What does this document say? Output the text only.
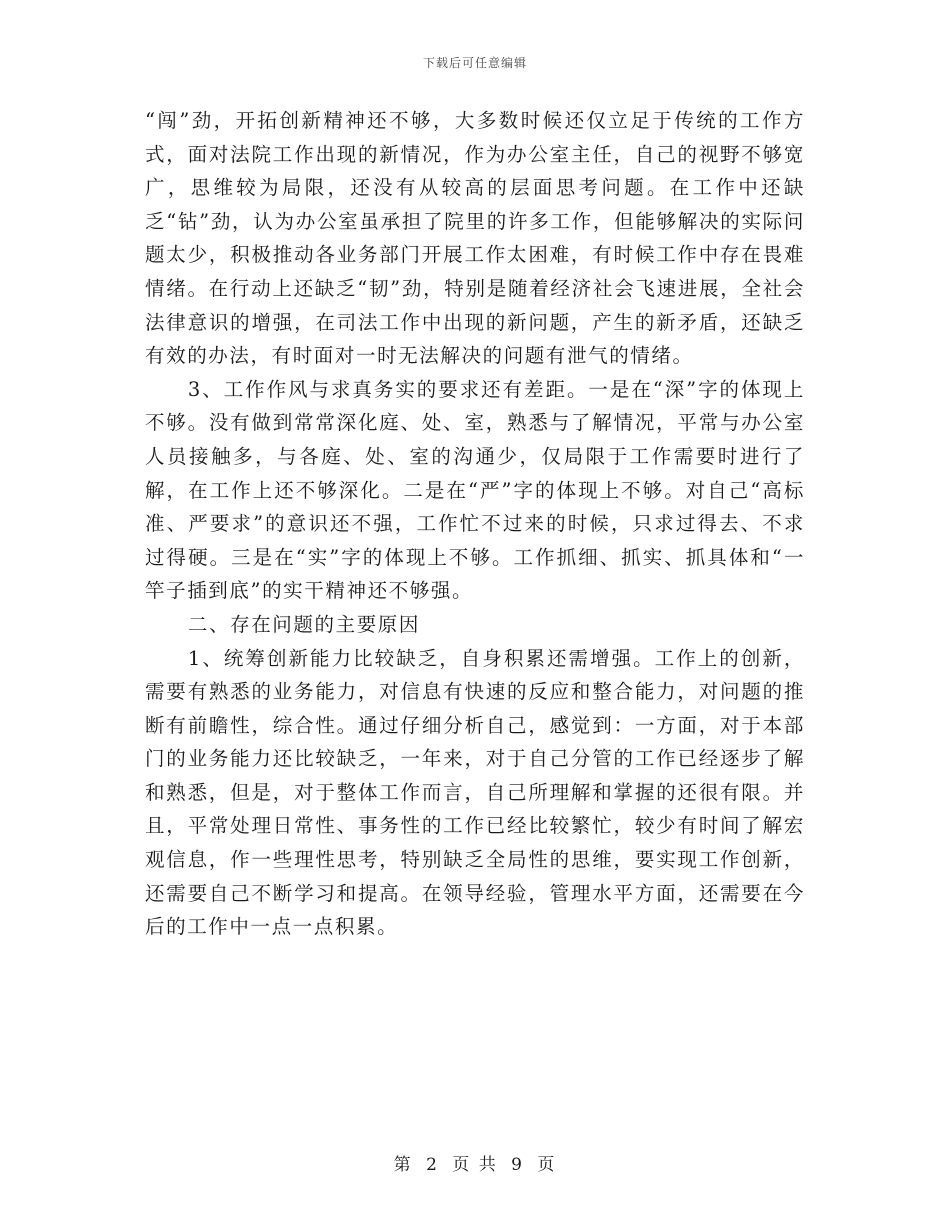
下载后可任意编辑

“闯”劲，开拓创新精神还不够，大多数时候还仅立足于传统的工作方式，面对法院工作出现的新情况，作为办公室主任，自己的视野不够宽广，思维较为局限，还没有从较高的层面思考问题。在工作中还缺乏“钻”劲，认为办公室虽承担了院里的许多工作，但能够解决的实际问题太少，积极推动各业务部门开展工作太困难，有时候工作中存在畏难情绪。在行动上还缺乏“韧”劲，特别是随着经济社会飞速进展，全社会法律意识的增强，在司法工作中出现的新问题，产生的新矛盾，还缺乏有效的办法，有时面对一时无法解决的问题有泄气的情绪。

3、工作作风与求真务实的要求还有差距。一是在“深”字的体现上不够。没有做到常常深化庭、处、室，熟悉与了解情况，平常与办公室人员接触多，与各庭、处、室的沟通少，仅局限于工作需要时进行了解，在工作上还不够深化。二是在“严”字的体现上不够。对自己“高标准、严要求”的意识还不强，工作忙不过来的时候，只求过得去、不求过得硬。三是在“实”字的体现上不够。工作抓细、抓实、抓具体和“一竿子插到底”的实干精神还不够强。

二、存在问题的主要原因

1、统筹创新能力比较缺乏，自身积累还需增强。工作上的创新，需要有熟悉的业务能力，对信息有快速的反应和整合能力，对问题的推断有前瞻性，综合性。通过仔细分析自己，感觉到：一方面，对于本部门的业务能力还比较缺乏，一年来，对于自己分管的工作已经逐步了解和熟悉，但是，对于整体工作而言，自己所理解和掌握的还很有限。并且，平常处理日常性、事务性的工作已经比较繁忙，较少有时间了解宏观信息，作一些理性思考，特别缺乏全局性的思维，要实现工作创新，还需要自己不断学习和提高。在领导经验，管理水平方面，还需要在今后的工作中一点一点积累。

第 2 页 共 9 页
